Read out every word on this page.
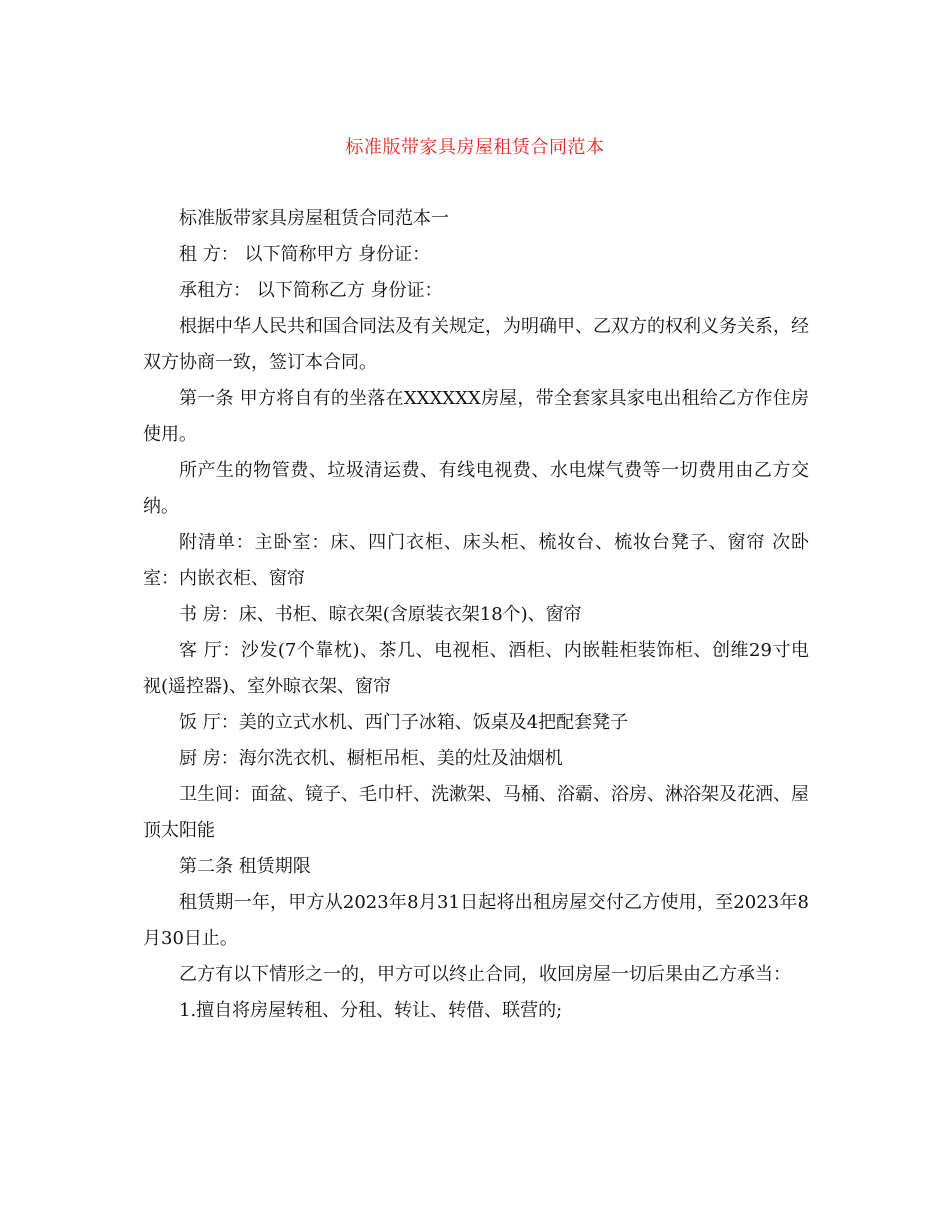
标准版带家具房屋租赁合同范本

标准版带家具房屋租赁合同范本一

租 方： 以下简称甲方 身份证：

承租方： 以下简称乙方 身份证：

根据中华人民共和国合同法及有关规定，为明确甲、乙双方的权利义务关系，经双方协商一致，签订本合同。

第一条 甲方将自有的坐落在XXXXXX房屋，带全套家具家电出租给乙方作住房使用。

所产生的物管费、垃圾清运费、有线电视费、水电煤气费等一切费用由乙方交纳。

附清单：主卧室：床、四门衣柜、床头柜、梳妆台、梳妆台凳子、窗帘 次卧室：内嵌衣柜、窗帘

书 房：床、书柜、晾衣架(含原装衣架18个)、窗帘

客 厅：沙发(7个靠枕)、茶几、电视柜、酒柜、内嵌鞋柜装饰柜、创维29寸电视(遥控器)、室外晾衣架、窗帘

饭 厅：美的立式水机、西门子冰箱、饭桌及4把配套凳子

厨 房：海尔洗衣机、橱柜吊柜、美的灶及油烟机

卫生间：面盆、镜子、毛巾杆、洗漱架、马桶、浴霸、浴房、淋浴架及花洒、屋顶太阳能

第二条 租赁期限

租赁期一年，甲方从2023年8月31日起将出租房屋交付乙方使用，至2023年8月30日止。

乙方有以下情形之一的，甲方可以终止合同，收回房屋一切后果由乙方承当：

1.擅自将房屋转租、分租、转让、转借、联营的;
